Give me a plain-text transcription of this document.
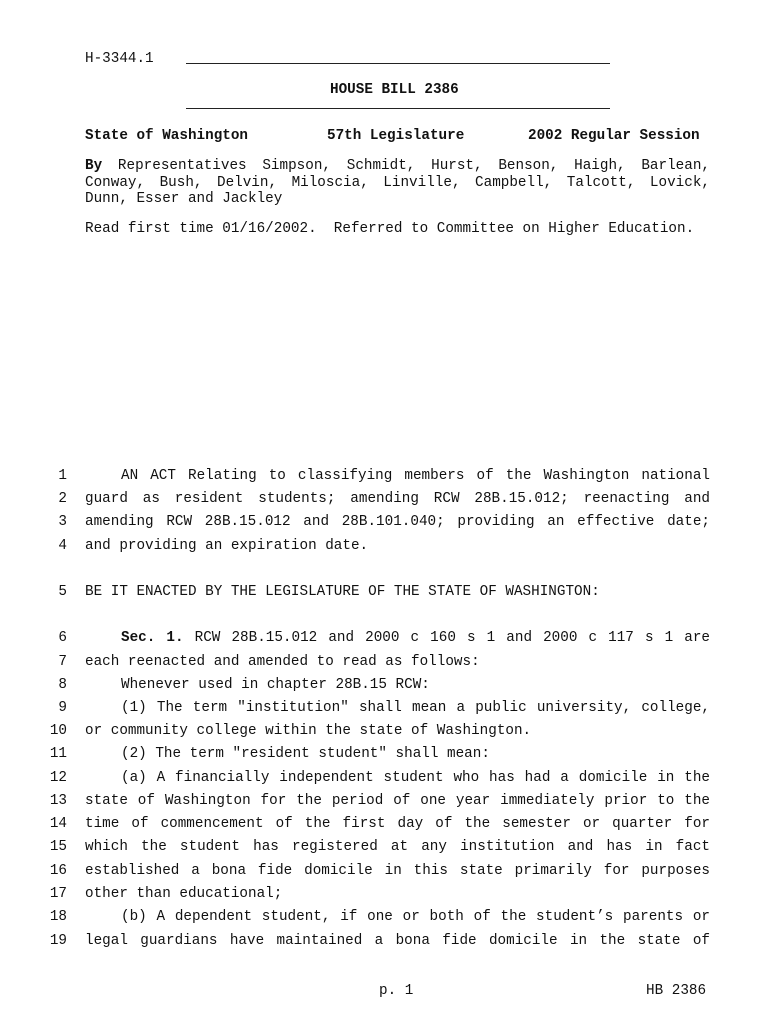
H-3344.1
HOUSE BILL 2386
State of Washington	57th Legislature	2002 Regular Session
By Representatives Simpson, Schmidt, Hurst, Benson, Haigh, Barlean,
Conway, Bush, Delvin, Miloscia, Linville, Campbell, Talcott, Lovick,
Dunn, Esser and Jackley
Read first time 01/16/2002.  Referred to Committee on Higher Education.
1	AN ACT Relating to classifying members of the Washington national
2 guard as resident students; amending RCW 28B.15.012; reenacting and
3 amending RCW 28B.15.012 and 28B.101.040; providing an effective date;
4 and providing an expiration date.
5 BE IT ENACTED BY THE LEGISLATURE OF THE STATE OF WASHINGTON:
6	Sec. 1. RCW 28B.15.012 and 2000 c 160 s 1 and 2000 c 117 s 1 are
7 each reenacted and amended to read as follows:
8	Whenever used in chapter 28B.15 RCW:
9	(1) The term "institution" shall mean a public university, college,
10 or community college within the state of Washington.
11	(2) The term "resident student" shall mean:
12	(a) A financially independent student who has had a domicile in the
13 state of Washington for the period of one year immediately prior to the
14 time of commencement of the first day of the semester or quarter for
15 which the student has registered at any institution and has in fact
16 established a bona fide domicile in this state primarily for purposes
17 other than educational;
18	(b) A dependent student, if one or both of the student’s parents or
19 legal guardians have maintained a bona fide domicile in the state of
p. 1	HB 2386
